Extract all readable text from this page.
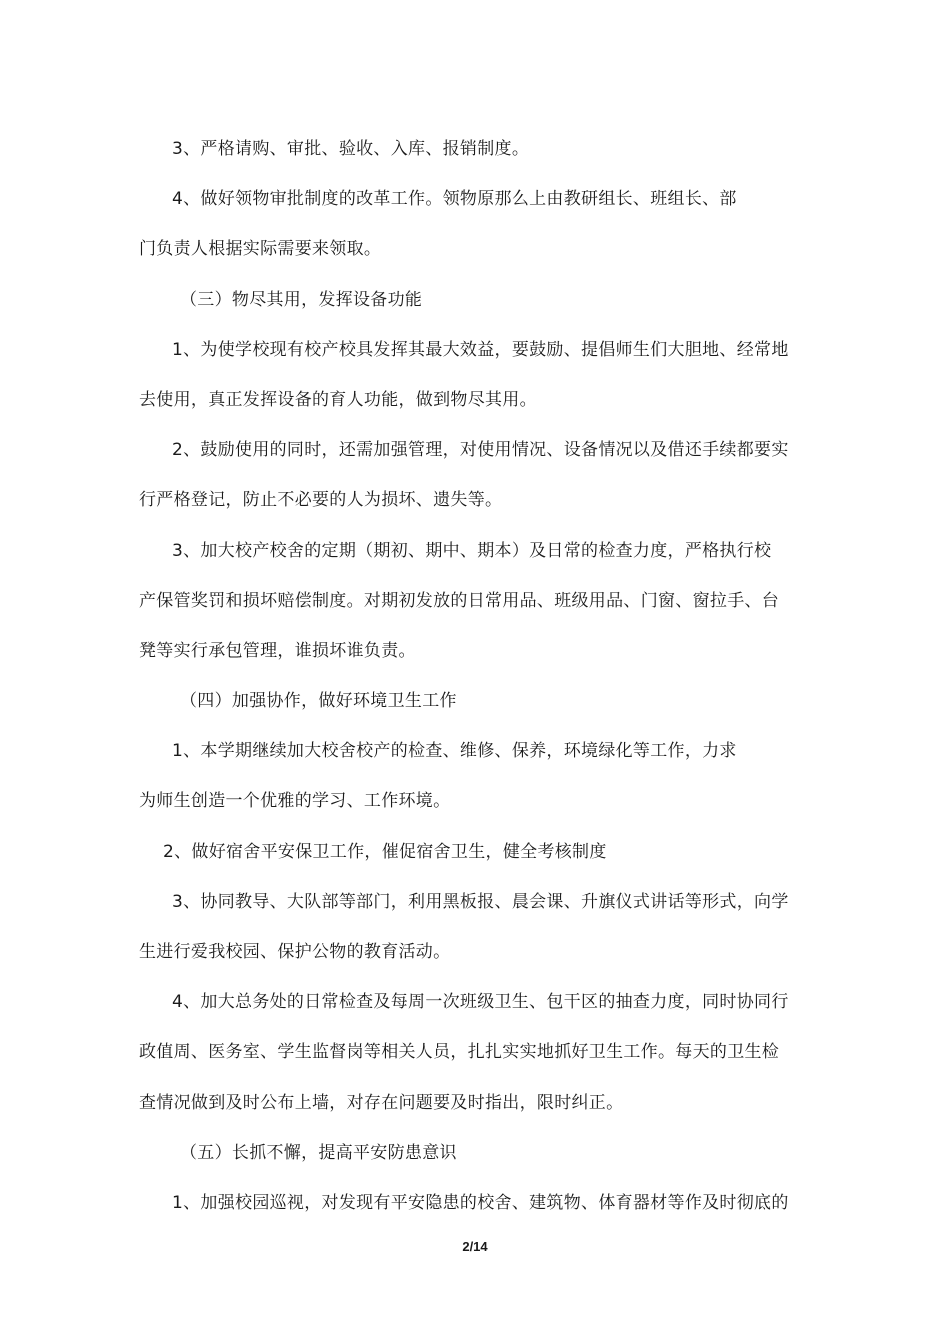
3、严格请购、审批、验收、入库、报销制度。
4、做好领物审批制度的改革工作。领物原那么上由教研组长、班组长、部
门负责人根据实际需要来领取。
（三）物尽其用，发挥设备功能
1、为使学校现有校产校具发挥其最大效益，要鼓励、提倡师生们大胆地、经常地
去使用，真正发挥设备的育人功能，做到物尽其用。
2、鼓励使用的同时，还需加强管理，对使用情况、设备情况以及借还手续都要实
行严格登记，防止不必要的人为损坏、遗失等。
3、加大校产校舍的定期（期初、期中、期本）及日常的检查力度，严格执行校
产保管奖罚和损坏赔偿制度。对期初发放的日常用品、班级用品、门窗、窗拉手、台
凳等实行承包管理，谁损坏谁负责。
（四）加强协作，做好环境卫生工作
1、本学期继续加大校舍校产的检查、维修、保养，环境绿化等工作，力求
为师生创造一个优雅的学习、工作环境。
2、做好宿舍平安保卫工作，催促宿舍卫生，健全考核制度
3、协同教导、大队部等部门，利用黑板报、晨会课、升旗仪式讲话等形式，向学
生进行爱我校园、保护公物的教育活动。
4、加大总务处的日常检查及每周一次班级卫生、包干区的抽查力度，同时协同行
政值周、医务室、学生监督岗等相关人员，扎扎实实地抓好卫生工作。每天的卫生检
查情况做到及时公布上墙，对存在问题要及时指出，限时纠正。
（五）长抓不懈，提高平安防患意识
1、加强校园巡视，对发现有平安隐患的校舍、建筑物、体育器材等作及时彻底的
2/14
